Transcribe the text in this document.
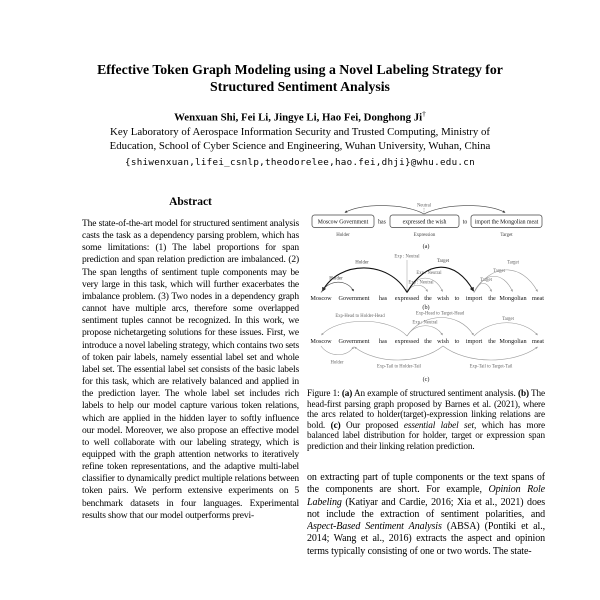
Effective Token Graph Modeling using a Novel Labeling Strategy for
Structured Sentiment Analysis
Wenxuan Shi, Fei Li, Jingye Li, Hao Fei, Donghong Ji†
Key Laboratory of Aerospace Information Security and Trusted Computing, Ministry of
Education, School of Cyber Science and Engineering, Wuhan University, Wuhan, China
{shiwenxuan,lifei_csnlp,theodorelee,hao.fei,dhji}@whu.edu.cn
Abstract
The state-of-the-art model for structured sentiment analysis casts the task as a dependency parsing problem, which has some limitations: (1) The label proportions for span prediction and span relation prediction are imbalanced. (2) The span lengths of sentiment tuple components may be very large in this task, which will further exacerbates the imbalance problem. (3) Two nodes in a dependency graph cannot have multiple arcs, therefore some overlapped sentiment tuples cannot be recognized. In this work, we propose nichetargeting solutions for these issues. First, we introduce a novel labeling strategy, which contains two sets of token pair labels, namely essential label set and whole label set. The essential label set consists of the basic labels for this task, which are relatively balanced and applied in the prediction layer. The whole label set includes rich labels to help our model capture various token relations, which are applied in the hidden layer to softly influence our model. Moreover, we also propose an effective model to well collaborate with our labeling strategy, which is equipped with the graph attention networks to iteratively refine token representations, and the adaptive multi-label classifier to dynamically predict multiple relations between token pairs. We perform extensive experiments on 5 benchmark datasets in four languages. Experimental results show that our model outperforms previ-
Neutral
Moscow Government has	expressed the wish	to import the Mongolian meat
Holder	Expression	Target
(a)
Exp : Neutral
Holder
Holder
Exp : Neutral
Exp : Neutral
Target
Target
Target
Target
Moscow Government has expressed the wish to import the Mongolian meat
(b)
Exp-Head to Holder-Head	Exp-Head to Target-Head
Exp : Neutral
Target
Moscow Government has expressed the wish to import the Mongolian meat
Holder
Exp-Tail to Holder-Tail	Exp-Tail to Target-Tail
(c)
Figure 1: (a) An example of structured sentiment analysis. (b) The head-first parsing graph proposed by Barnes et al. (2021), where the arcs related to holder(target)-expression linking relations are bold. (c) Our proposed essential label set, which has more balanced label distribution for holder, target or expression span prediction and their linking relation prediction.
on extracting part of tuple components or the text spans of the components are short. For example, Opinion Role Labeling (Katiyar and Cardie, 2016; Xia et al., 2021) does not include the extraction of sentiment polarities, and Aspect-Based Sentiment Analysis (ABSA) (Pontiki et al., 2014; Wang et al., 2016) extracts the aspect and opinion terms typically consisting of one or two words. The state-
